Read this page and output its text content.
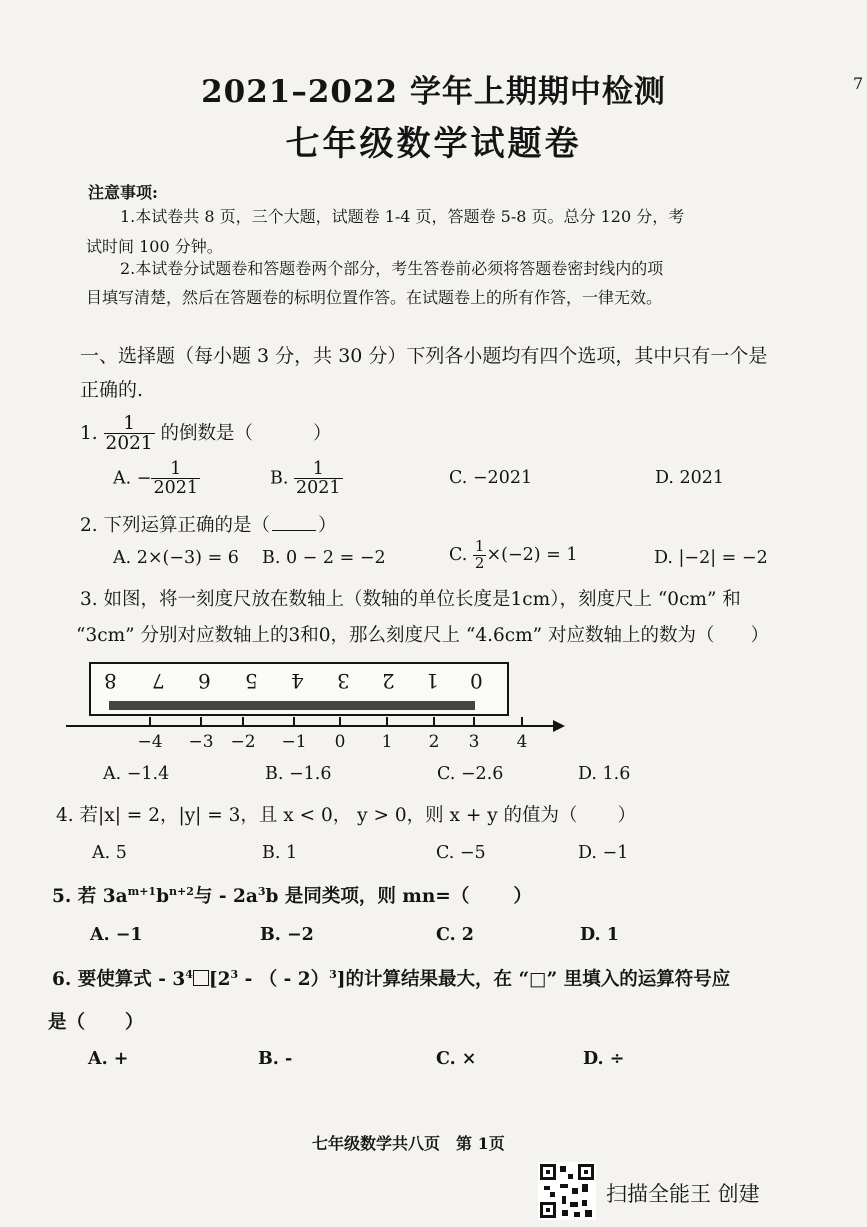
2021–2022 学年上期期中检测
七年级数学试题卷
7
注意事项:
1.本试卷共 8 页，三个大题，试题卷 1-4 页，答题卷 5-8 页。总分 120 分，考
试时间 100 分钟。
2.本试卷分试题卷和答题卷两个部分，考生答卷前必须将答题卷密封线内的项
目填写清楚，然后在答题卷的标明位置作答。在试题卷上的所有作答，一律无效。
一、选择题（每小题 3 分，共 30 分）下列各小题均有四个选项，其中只有一个是
正确的.
1. $\frac{1}{2021}$ 的倒数是（	）
A. − $\frac{1}{2021}$	B. $\frac{1}{2021}$	C. −2021	D. 2021
2. 下列运算正确的是（	）
A. 2×(−3) = 6 B. 0 − 2 = −2	C. $\frac{1}{2} \times(-2) = 1$	D. |−2| = −2
3. 如图，将一刻度尺放在数轴上（数轴的单位长度是1cm），刻度尺上 “0cm” 和
“3cm” 分别对应数轴上的3和0，那么刻度尺上 “4.6cm” 对应数轴上的数为（ ）
8 7 6 5 4 3 2 1 0
−4	−3 −2	−1	0	1	2	3	4
A. −1.4	B. −1.6	C. −2.6	D. 1.6
4. 若|x| = 2，|y| = 3，且 x < 0， y > 0，则 x + y 的值为（ ）
A. 5	B. 1	C. −5	D. −1
5. 若 $3a^{m+1}b^{n+2}$与 - $2a^3b$ 是同类项，则 mn=（ ）
A. −1	B. −2	C. 2	D. 1
6. 要使算式 - $3^4$ [$2^3$ - （ - 2）$^3$]的计算结果最大，在 “□” 里填入的运算符号应
是（ ）
A. +	B. -	C. ×	D. ÷
七年级数学共八页　第 1页
扫描全能王 创建
